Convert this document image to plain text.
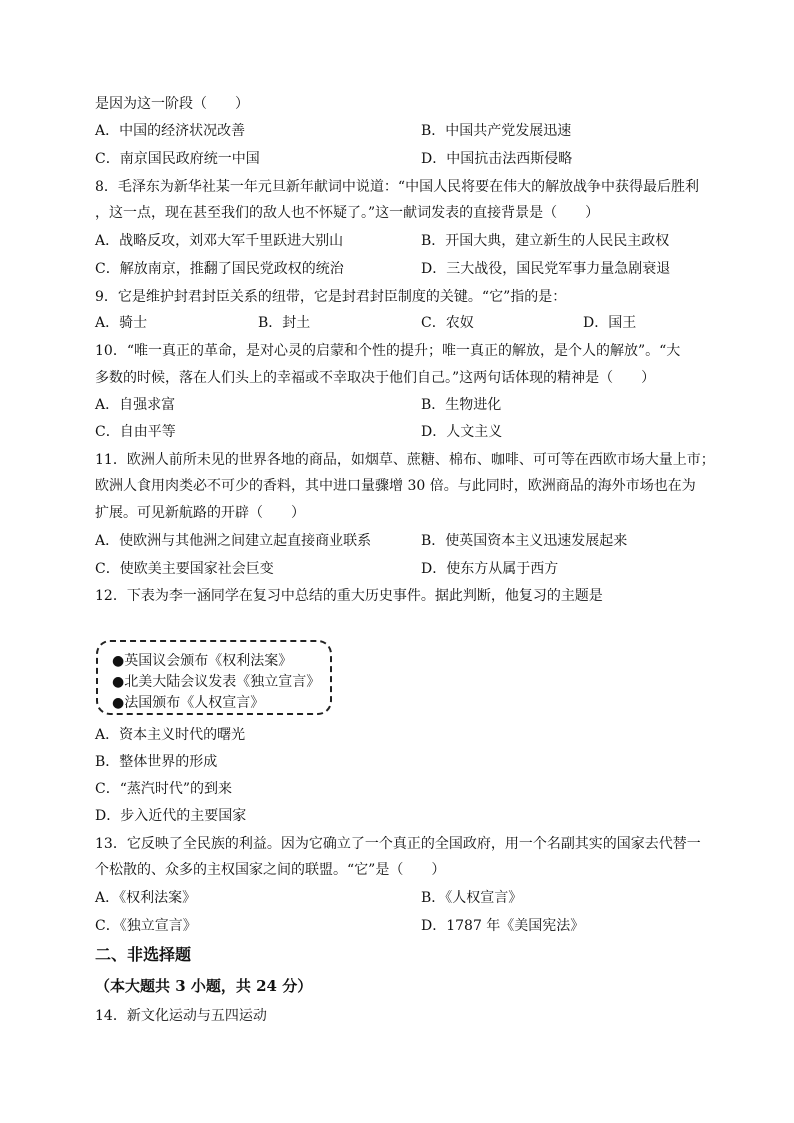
是因为这一阶段（　　）
A．中国的经济状况改善	B．中国共产党发展迅速
C．南京国民政府统一中国	D．中国抗击法西斯侵略
8．毛泽东为新华社某一年元旦新年献词中说道：“中国人民将要在伟大的解放战争中获得最后胜利
，这一点，现在甚至我们的敌人也不怀疑了。”这一献词发表的直接背景是（　　）
A．战略反攻，刘邓大军千里跃进大别山	B．开国大典，建立新生的人民民主政权
C．解放南京，推翻了国民党政权的统治	D．三大战役，国民党军事力量急剧衰退
9．它是维护封君封臣关系的纽带，它是封君封臣制度的关键。“它”指的是：
A．骑士	B．封土	C．农奴	D．国王
10．“唯一真正的革命，是对心灵的启蒙和个性的提升；唯一真正的解放，是个人的解放”。“大
多数的时候，落在人们头上的幸福或不幸取决于他们自己。”这两句话体现的精神是（　　）
A．自强求富	B．生物进化
C．自由平等	D．人文主义
11．欧洲人前所未见的世界各地的商品，如烟草、蔗糖、棉布、咖啡、可可等在西欧市场大量上市；
欧洲人食用肉类必不可少的香料，其中进口量骤增 30 倍。与此同时，欧洲商品的海外市场也在为
扩展。可见新航路的开辟（　　）
A．使欧洲与其他洲之间建立起直接商业联系	B．使英国资本主义迅速发展起来
C．使欧美主要国家社会巨变	D．使东方从属于西方
12．下表为李一涵同学在复习中总结的重大历史事件。据此判断，他复习的主题是
●英国议会颁布《权利法案》
●北美大陆会议发表《独立宣言》
●法国颁布《人权宣言》
A．资本主义时代的曙光
B．整体世界的形成
C．“蒸汽时代”的到来
D．步入近代的主要国家
13．它反映了全民族的利益。因为它确立了一个真正的全国政府，用一个名副其实的国家去代替一
个松散的、众多的主权国家之间的联盟。“它”是（　　）
A．《权利法案》	B．《人权宣言》
C．《独立宣言》	D．1787 年《美国宪法》
二、非选择题
（本大题共 3 小题，共 24 分）
14．新文化运动与五四运动
